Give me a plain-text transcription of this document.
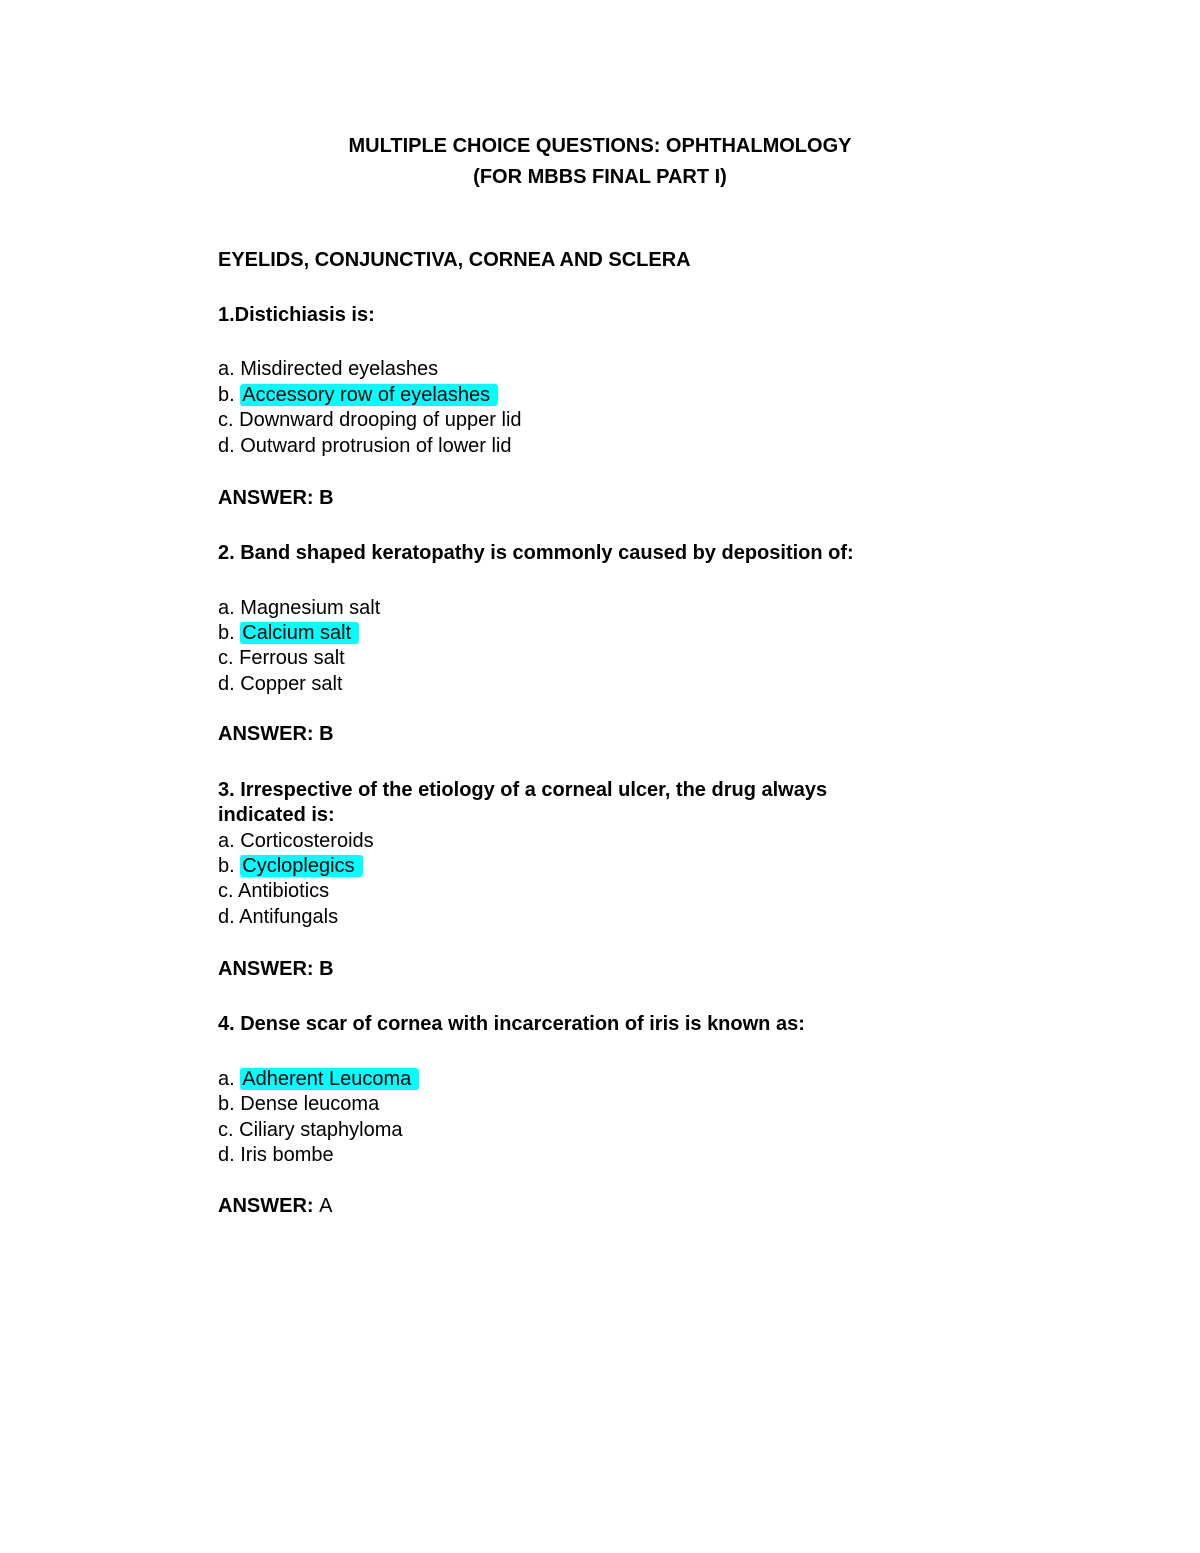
MULTIPLE CHOICE QUESTIONS: OPHTHALMOLOGY
(FOR MBBS FINAL PART I)
EYELIDS, CONJUNCTIVA, CORNEA AND SCLERA
1.Distichiasis is:
a. Misdirected eyelashes
b. Accessory row of eyelashes
c. Downward drooping of upper lid
d. Outward protrusion of lower lid
ANSWER: B
2. Band shaped keratopathy is commonly caused by deposition of:
a. Magnesium salt
b. Calcium salt
c. Ferrous salt
d. Copper salt
ANSWER: B
3. Irrespective of the etiology of a corneal ulcer, the drug always
indicated is:
a. Corticosteroids
b. Cycloplegics
c. Antibiotics
d. Antifungals
ANSWER: B
4. Dense scar of cornea with incarceration of iris is known as:
a. Adherent Leucoma
b. Dense leucoma
c. Ciliary staphyloma
d. Iris bombe
ANSWER: A
